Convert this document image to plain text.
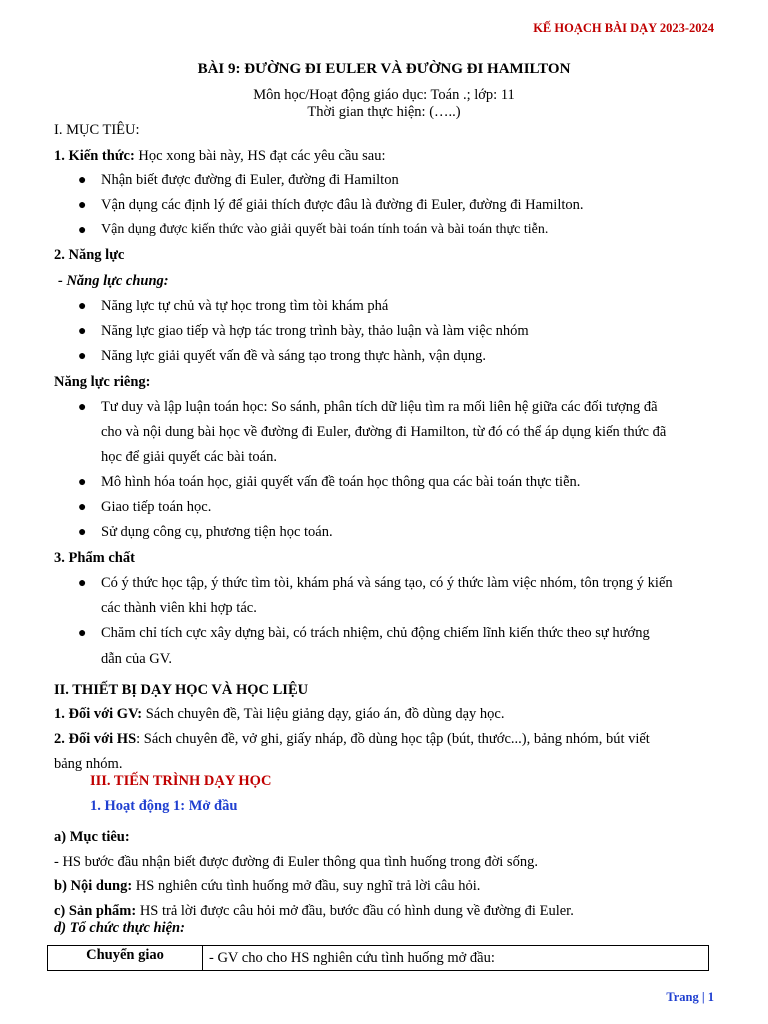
KẾ HOẠCH BÀI DẠY 2023-2024
BÀI 9: ĐƯỜNG ĐI EULER VÀ ĐƯỜNG ĐI HAMILTON
Môn học/Hoạt động giáo dục: Toán .; lớp: 11
Thời gian thực hiện: (…..)
I. MỤC TIÊU:
1. Kiến thức: Học xong bài này, HS đạt các yêu cầu sau:
● Nhận biết được đường đi Euler, đường đi Hamilton
● Vận dụng các định lý để giải thích được đâu là đường đi Euler, đường đi Hamilton.
● Vận dụng được kiến thức vào giải quyết bài toán tính toán và bài toán thực tiễn.
2. Năng lực
- Năng lực chung:
● Năng lực tự chủ và tự học trong tìm tòi khám phá
● Năng lực giao tiếp và hợp tác trong trình bày, thảo luận và làm việc nhóm
● Năng lực giải quyết vấn đề và sáng tạo trong thực hành, vận dụng.
Năng lực riêng:
● Tư duy và lập luận toán học: So sánh, phân tích dữ liệu tìm ra mối liên hệ giữa các đối tượng đã
cho và nội dung bài học về đường đi Euler, đường đi Hamilton, từ đó có thể áp dụng kiến thức đã
học để giải quyết các bài toán.
● Mô hình hóa toán học, giải quyết vấn đề toán học thông qua các bài toán thực tiễn.
● Giao tiếp toán học.
● Sử dụng công cụ, phương tiện học toán.
3. Phẩm chất
● Có ý thức học tập, ý thức tìm tòi, khám phá và sáng tạo, có ý thức làm việc nhóm, tôn trọng ý kiến
các thành viên khi hợp tác.
● Chăm chỉ tích cực xây dựng bài, có trách nhiệm, chủ động chiếm lĩnh kiến thức theo sự hướng
dẫn của GV.
II. THIẾT BỊ DẠY HỌC VÀ HỌC LIỆU
1. Đối với GV: Sách chuyên đề, Tài liệu giảng dạy, giáo án, đồ dùng dạy học.
2. Đối với HS: Sách chuyên đề, vở ghi, giấy nháp, đồ dùng học tập (bút, thước...), bảng nhóm, bút viết
bảng nhóm.
III. TIẾN TRÌNH DẠY HỌC
1. Hoạt động 1: Mở đầu
a) Mục tiêu:
- HS bước đầu nhận biết được đường đi Euler thông qua tình huống trong đời sống.
b) Nội dung: HS nghiên cứu tình huống mở đầu, suy nghĩ trả lời câu hỏi.
c) Sản phẩm: HS trả lời được câu hỏi mở đầu, bước đầu có hình dung về đường đi Euler.
d) Tổ chức thực hiện:
Chuyển giao	- GV cho cho HS nghiên cứu tình huống mở đầu:
Trang | 1
